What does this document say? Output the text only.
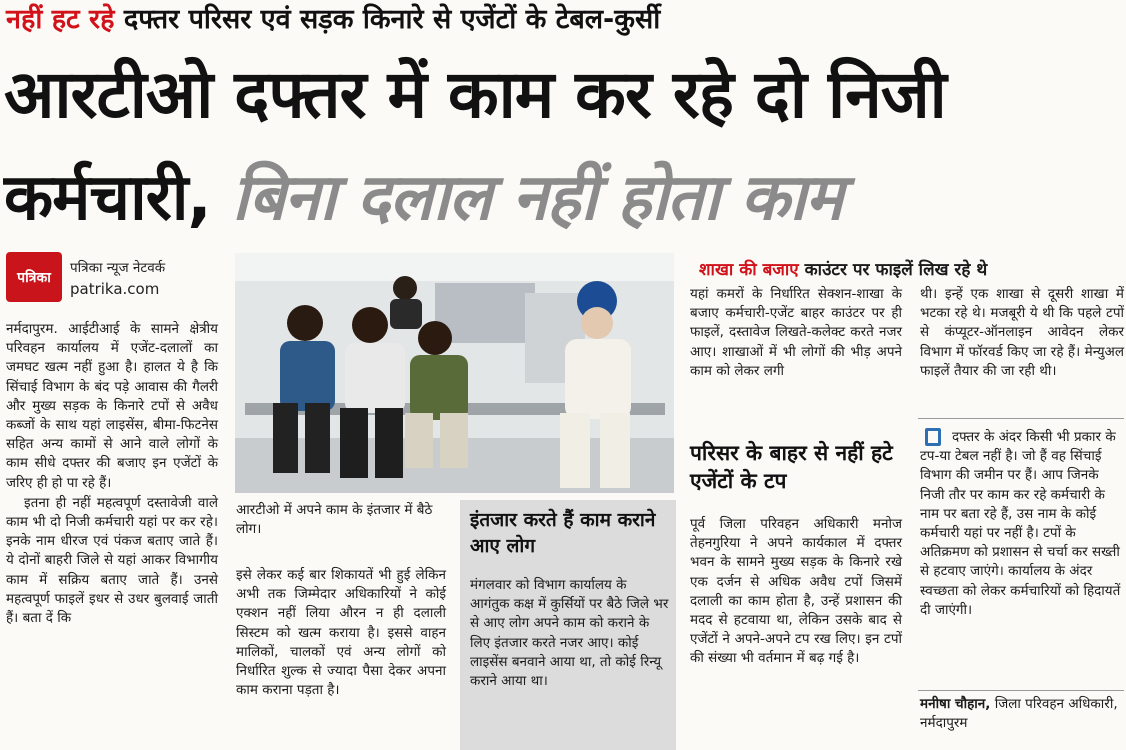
नहीं हट रहे दफ्तर परिसर एवं सड़क किनारे से एजेंटों के टेबल-कुर्सी
आरटीओ दफ्तर में काम कर रहे दो निजी
कर्मचारी, बिना दलाल नहीं होता काम
पत्रिका
पत्रिका न्यूज नेटवर्क
patrika.com

नर्मदापुरम. आईटीआई के सामने क्षेत्रीय परिवहन कार्यालय में एजेंट-दलालों का जमघट खत्म नहीं हुआ है। हालत ये है कि सिंचाई विभाग के बंद पड़े आवास की गैलरी और मुख्य सड़क के किनारे टपों से अवैध कब्जों के साथ यहां लाइसेंस, बीमा-फिटनेस सहित अन्य कामों से आने वाले लोगों के काम सीधे दफ्तर की बजाए इन एजेंटों के जरिए ही हो पा रहे हैं।

इतना ही नहीं महत्वपूर्ण दस्तावेजी वाले काम भी दो निजी कर्मचारी यहां पर कर रहे। इनके नाम धीरज एवं पंकज बताए जाते हैं। ये दोनों बाहरी जिले से यहां आकर विभागीय काम में सक्रिय बताए जाते हैं। उनसे महत्वपूर्ण फाइलें इधर से उधर बुलवाई जाती हैं। बता दें कि

आरटीओ में अपने काम के इंतजार में बैठे लोग।

इसे लेकर कई बार शिकायतें भी हुई लेकिन अभी तक जिम्मेदार अधिकारियों ने कोई एक्शन नहीं लिया औरन न ही दलाली सिस्टम को खत्म कराया है। इससे वाहन मालिकों, चालकों एवं अन्य लोगों को निर्धारित शुल्क से ज्यादा पैसा देकर अपना काम कराना पड़ता है।

इंतजार करते हैं काम कराने आए लोग
मंगलवार को विभाग कार्यालय के आगंतुक कक्ष में कुर्सियों पर बैठे जिले भर से आए लोग अपने काम को कराने के लिए इंतजार करते नजर आए। कोई लाइसेंस बनवाने आया था, तो कोई रिन्यू कराने आया था।
शाखा की बजाए काउंटर पर फाइलें लिख रहे थे

यहां कमरों के निर्धारित सेक्शन-शाखा के बजाए कर्मचारी-एजेंट बाहर काउंटर पर ही फाइलें, दस्तावेज लिखते-कलेक्ट करते नजर आए। शाखाओं में भी लोगों की भीड़ अपने काम को लेकर लगी

परिसर के बाहर से नहीं हटे एजेंटों के टप

पूर्व जिला परिवहन अधिकारी मनोज तेहनगुरिया ने अपने कार्यकाल में दफ्तर भवन के सामने मुख्य सड़क के किनारे रखे एक दर्जन से अधिक अवैध टपों जिसमें दलाली का काम होता है, उन्हें प्रशासन की मदद से हटवाया था, लेकिन उसके बाद से एजेंटों ने अपने-अपने टप रख लिए। इन टपों की संख्या भी वर्तमान में बढ़ गई है।

थी। इन्हें एक शाखा से दूसरी शाखा में भटका रहे थे। मजबूरी ये थी कि पहले टपों से कंप्यूटर-ऑनलाइन आवेदन लेकर विभाग में फॉरवर्ड किए जा रहे हैं। मेन्युअल फाइलें तैयार की जा रही थी।

दफ्तर के अंदर किसी भी प्रकार के टप-या टेबल नहीं है। जो हैं वह सिंचाई विभाग की जमीन पर हैं। आप जिनके निजी तौर पर काम कर रहे कर्मचारी के नाम पर बता रहे हैं, उस नाम के कोई कर्मचारी यहां पर नहीं है। टपों के अतिक्रमण को प्रशासन से चर्चा कर सख्ती से हटवाए जाएंगे। कार्यालय के अंदर स्वच्छता को लेकर कर्मचारियों को हिदायतें दी जाएंगी।

मनीषा चौहान, जिला परिवहन अधिकारी, नर्मदापुरम
